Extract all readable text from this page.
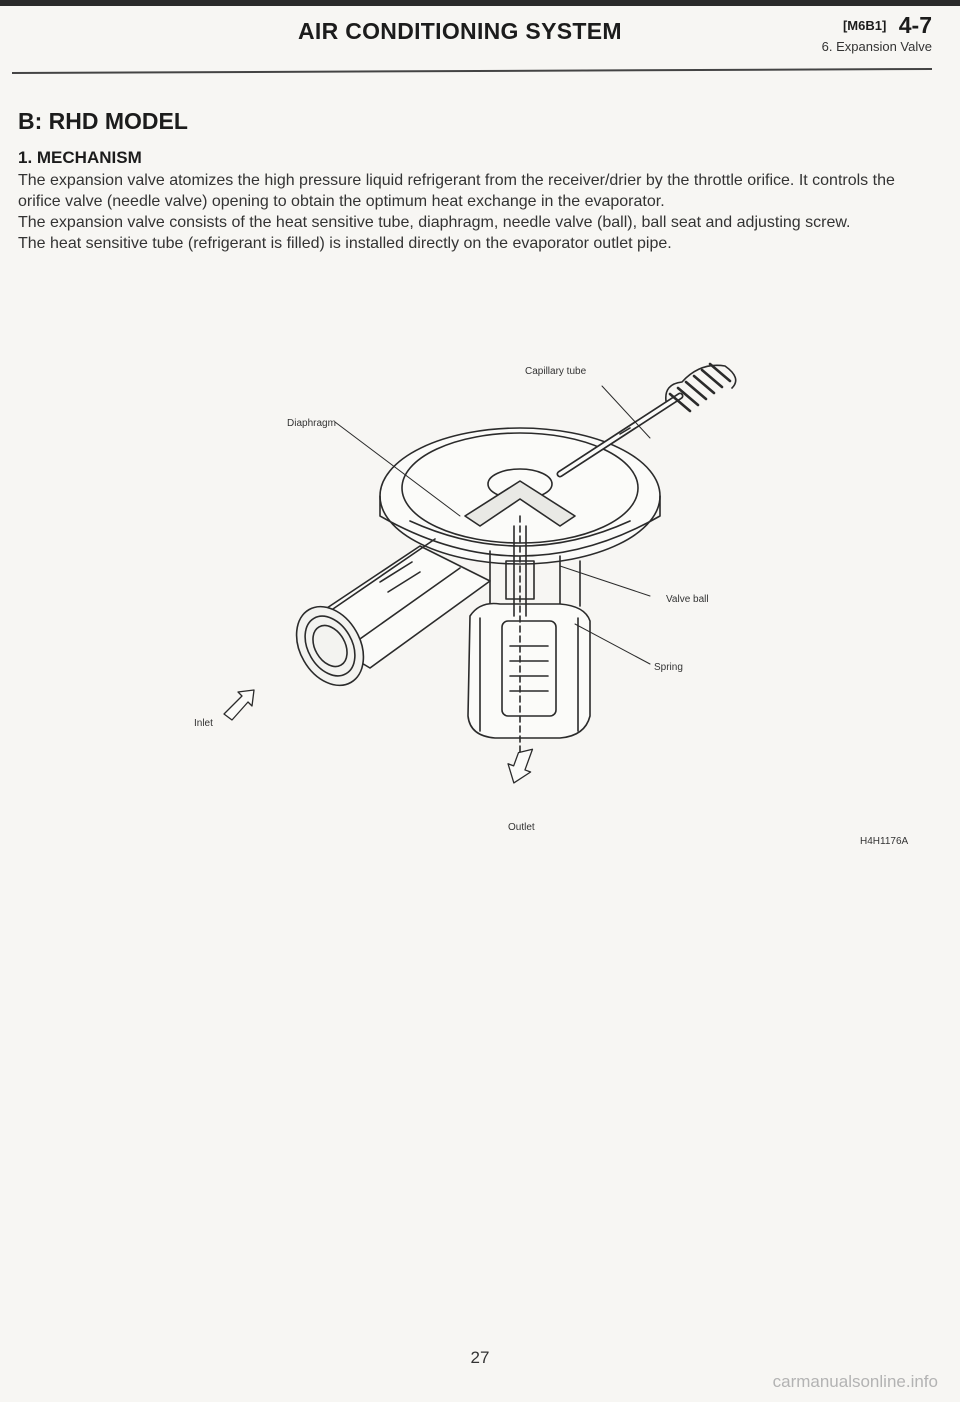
AIR CONDITIONING SYSTEM	[M6B1] 4-7
6. Expansion Valve
B: RHD MODEL
1. MECHANISM

The expansion valve atomizes the high pressure liquid refrigerant from the receiver/drier by the throttle orifice. It controls the orifice valve (needle valve) opening to obtain the optimum heat exchange in the evaporator.

The expansion valve consists of the heat sensitive tube, diaphragm, needle valve (ball), ball seat and adjusting screw.

The heat sensitive tube (refrigerant is filled) is installed directly on the evaporator outlet pipe.

Capillary tube
Diaphragm
Valve ball
Spring
Inlet
Outlet
H4H1176A
27
carmanualsonline.info
